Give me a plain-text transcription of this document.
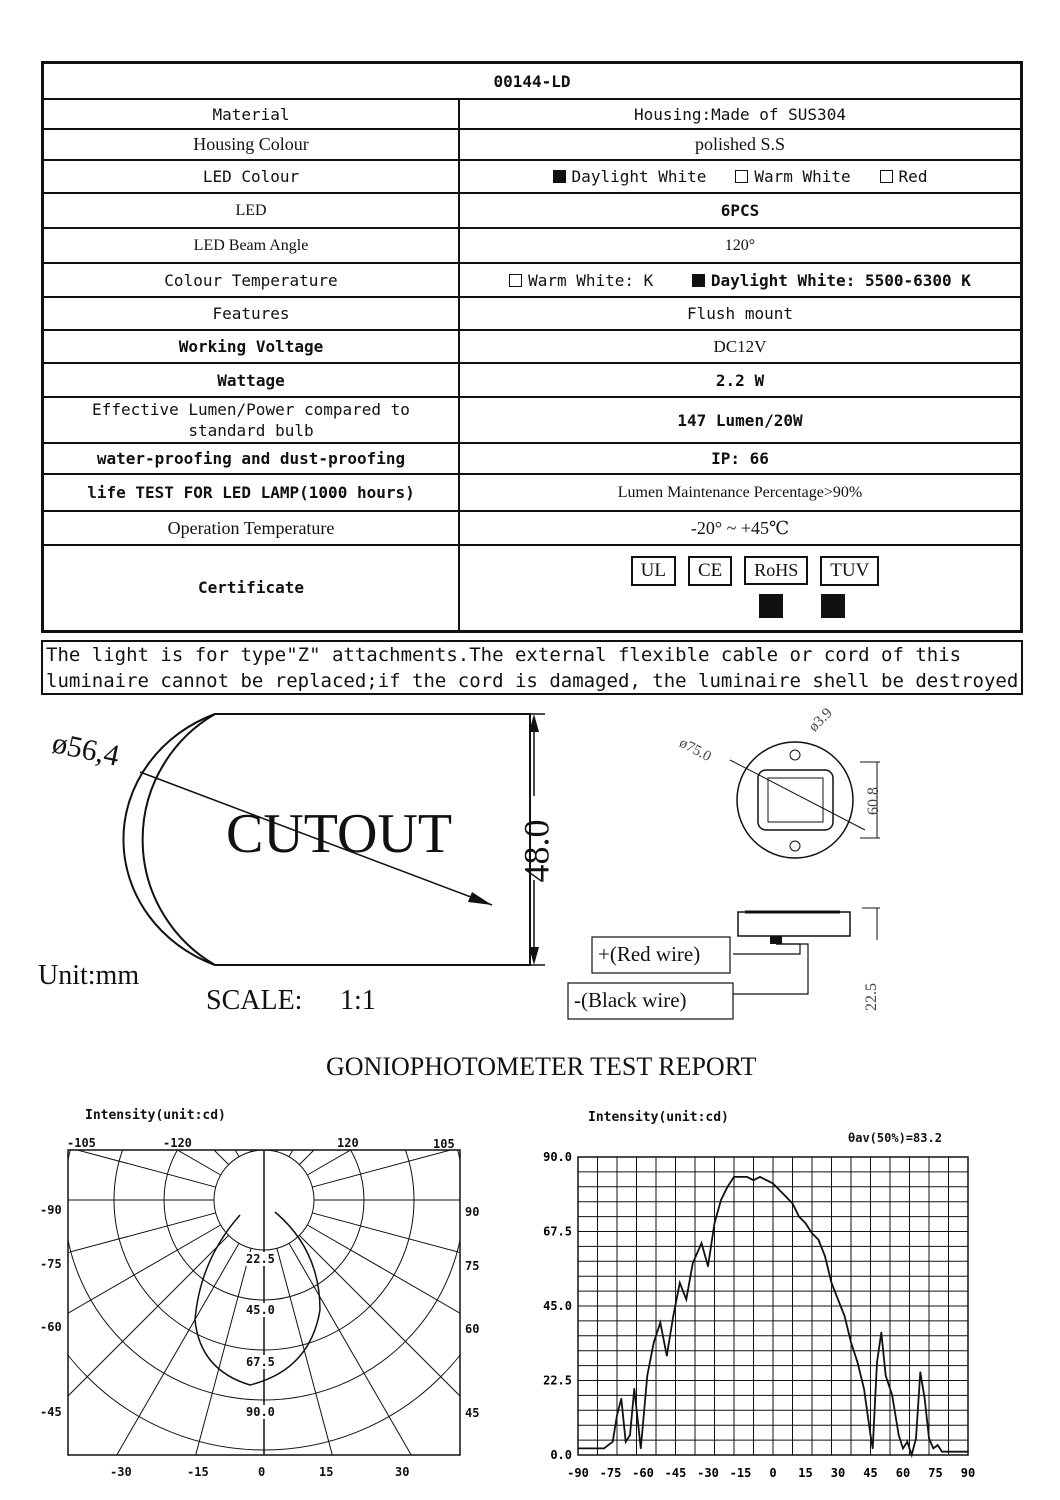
00144-LD	
Material	Housing:Made of SUS304
Housing Colour	polished S.S
LED Colour	Daylight White Warm White Red
LED	6PCS
LED Beam Angle	120°
Colour Temperature	Warm White: K Daylight White: 5500-6300 K
Features	Flush mount
Working Voltage	DC12V
Wattage	2.2 W
Effective Lumen/Power compared to standard bulb	147 Lumen/20W
water-proofing and dust-proofing	IP: 66
life TEST FOR LED LAMP(1000 hours)	Lumen Maintenance Percentage>90%
Operation Temperature	-20° ~ +45℃
Certificate	UL CE RoHS TUV
The light is for type"Z" attachments.The external flexible cable or cord of this
luminaire cannot be replaced;if the cord is damaged, the luminaire shell be destroyed
ø56,4
CUTOUT 48.0
Unit:mm
SCALE: 1:1
ø75.0
ø3.9
60.8
22.5
+(Red wire)
-(Black wire)
GONIOPHOTOMETER TEST REPORT
Intensity(unit:cd)
-105	-120	120	105
-90
-75
-60
-45
90
75
60
45
-30	-15	0	15	30	-90 -75 -60 -45 -30 -15 0 15 30 45 60 75 90
0.0
22.5
45.0
67.5
90.0
22.5
45.0
67.5
90.0
Intensity(unit:cd)
θav(50%)=83.2
